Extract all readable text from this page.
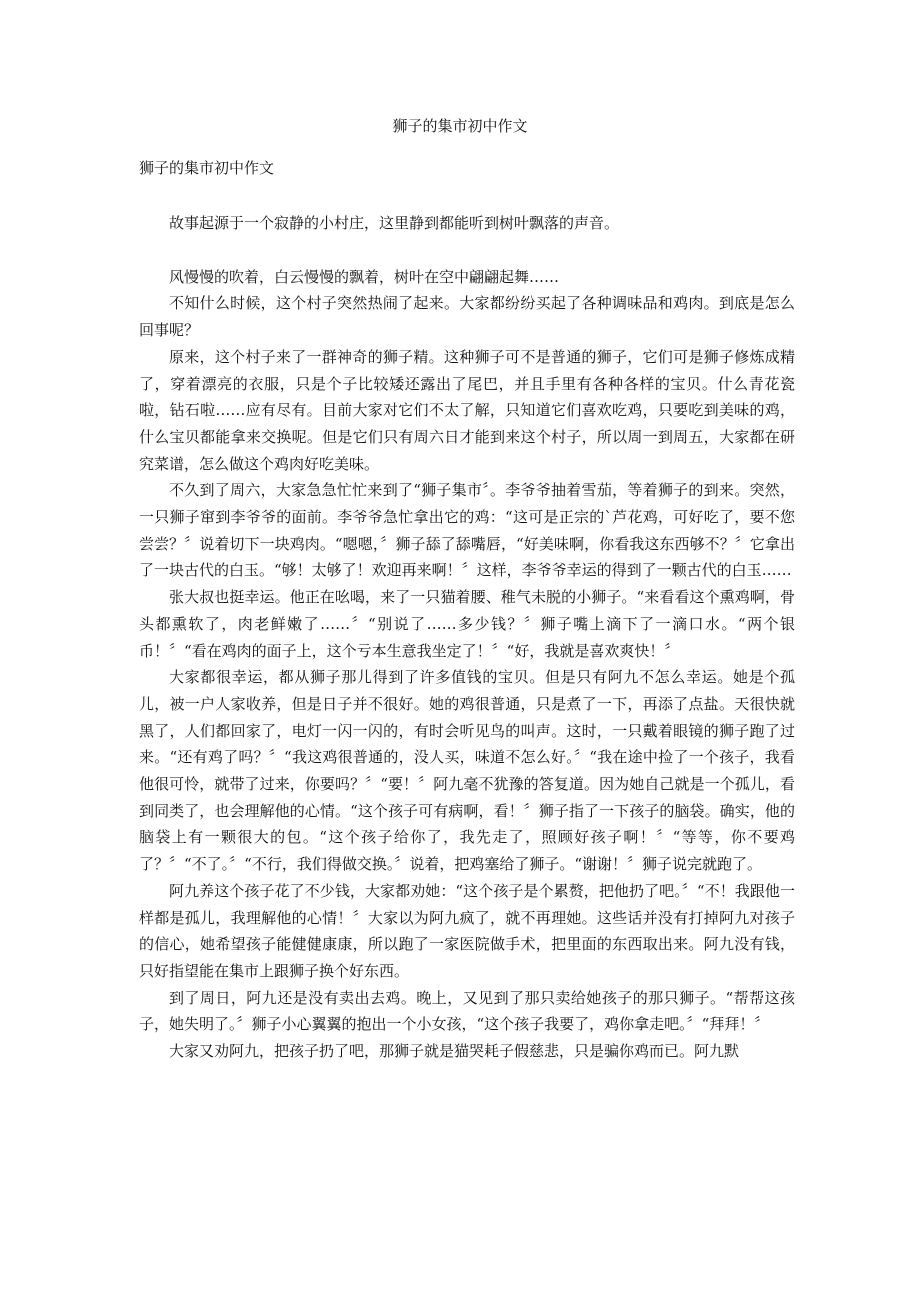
狮子的集市初中作文
狮子的集市初中作文

故事起源于一个寂静的小村庄，这里静到都能听到树叶飘落的声音。

风慢慢的吹着，白云慢慢的飘着，树叶在空中翩翩起舞……

不知什么时候，这个村子突然热闹了起来。大家都纷纷买起了各种调味品和鸡肉。到底是怎么回事呢？

原来，这个村子来了一群神奇的狮子精。这种狮子可不是普通的狮子，它们可是狮子修炼成精了，穿着漂亮的衣服，只是个子比较矮还露出了尾巴，并且手里有各种各样的宝贝。什么青花瓷啦，钻石啦……应有尽有。目前大家对它们不太了解，只知道它们喜欢吃鸡，只要吃到美味的鸡，什么宝贝都能拿来交换呢。但是它们只有周六日才能到来这个村子，所以周一到周五，大家都在研究菜谱，怎么做这个鸡肉好吃美味。

不久到了周六，大家急急忙忙来到了“狮子集市〞。李爷爷抽着雪茄，等着狮子的到来。突然，一只狮子窜到李爷爷的面前。李爷爷急忙拿出它的鸡：“这可是正宗的`芦花鸡，可好吃了，要不您尝尝？〞说着切下一块鸡肉。“嗯嗯，〞狮子舔了舔嘴唇，“好美味啊，你看我这东西够不？〞它拿出了一块古代的白玉。“够！太够了！欢迎再来啊！〞这样，李爷爷幸运的得到了一颗古代的白玉……

张大叔也挺幸运。他正在吆喝，来了一只猫着腰、稚气未脱的小狮子。“来看看这个熏鸡啊，骨头都熏软了，肉老鲜嫩了……〞“别说了……多少钱？〞狮子嘴上滴下了一滴口水。“两个银币！〞“看在鸡肉的面子上，这个亏本生意我坐定了！〞“好，我就是喜欢爽快！〞

大家都很幸运，都从狮子那儿得到了许多值钱的宝贝。但是只有阿九不怎么幸运。她是个孤儿，被一户人家收养，但是日子并不很好。她的鸡很普通，只是煮了一下，再添了点盐。天很快就黑了，人们都回家了，电灯一闪一闪的，有时会听见鸟的叫声。这时，一只戴着眼镜的狮子跑了过来。“还有鸡了吗？〞“我这鸡很普通的，没人买，味道不怎么好。〞“我在途中捡了一个孩子，我看他很可怜，就带了过来，你要吗？〞“要！〞阿九毫不犹豫的答复道。因为她自己就是一个孤儿，看到同类了，也会理解他的心情。“这个孩子可有病啊，看！〞狮子指了一下孩子的脑袋。确实，他的脑袋上有一颗很大的包。“这个孩子给你了，我先走了，照顾好孩子啊！〞“等等，你不要鸡了？〞“不了。〞“不行，我们得做交换。〞说着，把鸡塞给了狮子。“谢谢！〞狮子说完就跑了。

阿九养这个孩子花了不少钱，大家都劝她：“这个孩子是个累赘，把他扔了吧。〞“不！我跟他一样都是孤儿，我理解他的心情！〞大家以为阿九疯了，就不再理她。这些话并没有打掉阿九对孩子的信心，她希望孩子能健健康康，所以跑了一家医院做手术，把里面的东西取出来。阿九没有钱，只好指望能在集市上跟狮子换个好东西。

到了周日，阿九还是没有卖出去鸡。晚上，又见到了那只卖给她孩子的那只狮子。“帮帮这孩子，她失明了。〞狮子小心翼翼的抱出一个小女孩，“这个孩子我要了，鸡你拿走吧。〞“拜拜！〞

大家又劝阿九，把孩子扔了吧，那狮子就是猫哭耗子假慈悲，只是骗你鸡而已。阿九默
